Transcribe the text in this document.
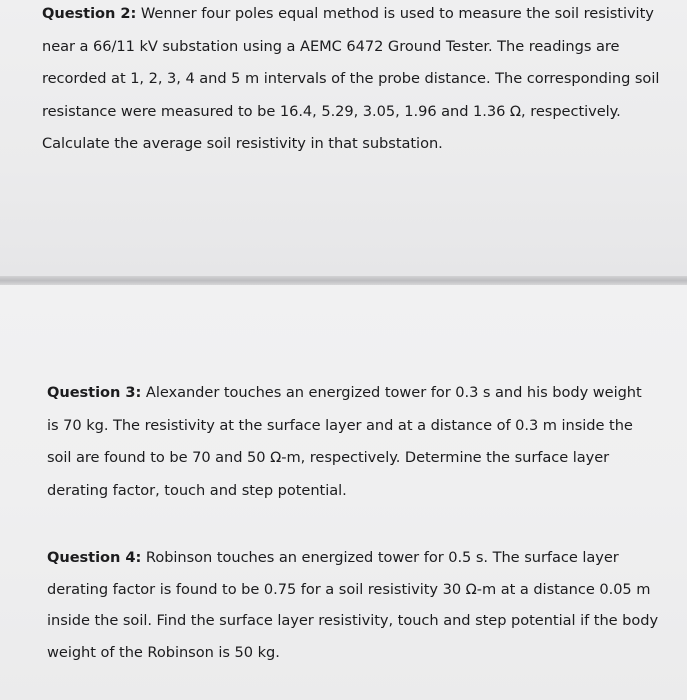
Question 2: Wenner four poles equal method is used to measure the soil resistivity near a 66/11 kV substation using a AEMC 6472 Ground Tester. The readings are recorded at 1, 2, 3, 4 and 5 m intervals of the probe distance. The corresponding soil resistance were measured to be 16.4, 5.29, 3.05, 1.96 and 1.36 Ω, respectively. Calculate the average soil resistivity in that substation.

Question 3: Alexander touches an energized tower for 0.3 s and his body weight is 70 kg. The resistivity at the surface layer and at a distance of 0.3 m inside the soil are found to be 70 and 50 Ω-m, respectively. Determine the surface layer derating factor, touch and step potential.

Question 4: Robinson touches an energized tower for 0.5 s. The surface layer derating factor is found to be 0.75 for a soil resistivity 30 Ω-m at a distance 0.05 m inside the soil. Find the surface layer resistivity, touch and step potential if the body weight of the Robinson is 50 kg.
